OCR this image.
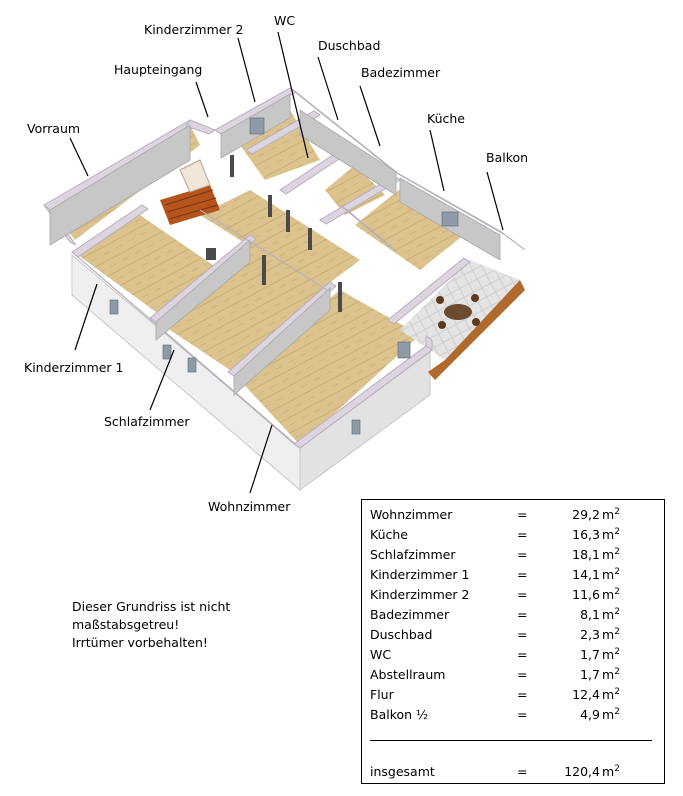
Kinderzimmer 2
WC
Duschbad
Haupteingang	Badezimmer
Vorraum
Küche
Balkon
Kinderzimmer 1
Schlafzimmer
Wohnzimmer
Wohnzimmer	=	29,2 $m^2$
Küche	=	16,3 $m^2$
Schlafzimmer	=	18,1 $m^2$
Kinderzimmer 1	=	14,1 $m^2$
Kinderzimmer 2	=	11,6 $m^2$
Badezimmer	=	8,1 $m^2$
Duschbad	=	2,3 $m^2$
WC	=	1,7 $m^2$
Abstellraum	=	1,7 $m^2$
Flur	=	12,4 $m^2$
Balkon ½	=	4,9 $m^2$
insgesamt	=	120,4 $m^2$
Dieser Grundriss ist nicht
maßstabsgetreu!
Irrtümer vorbehalten!
